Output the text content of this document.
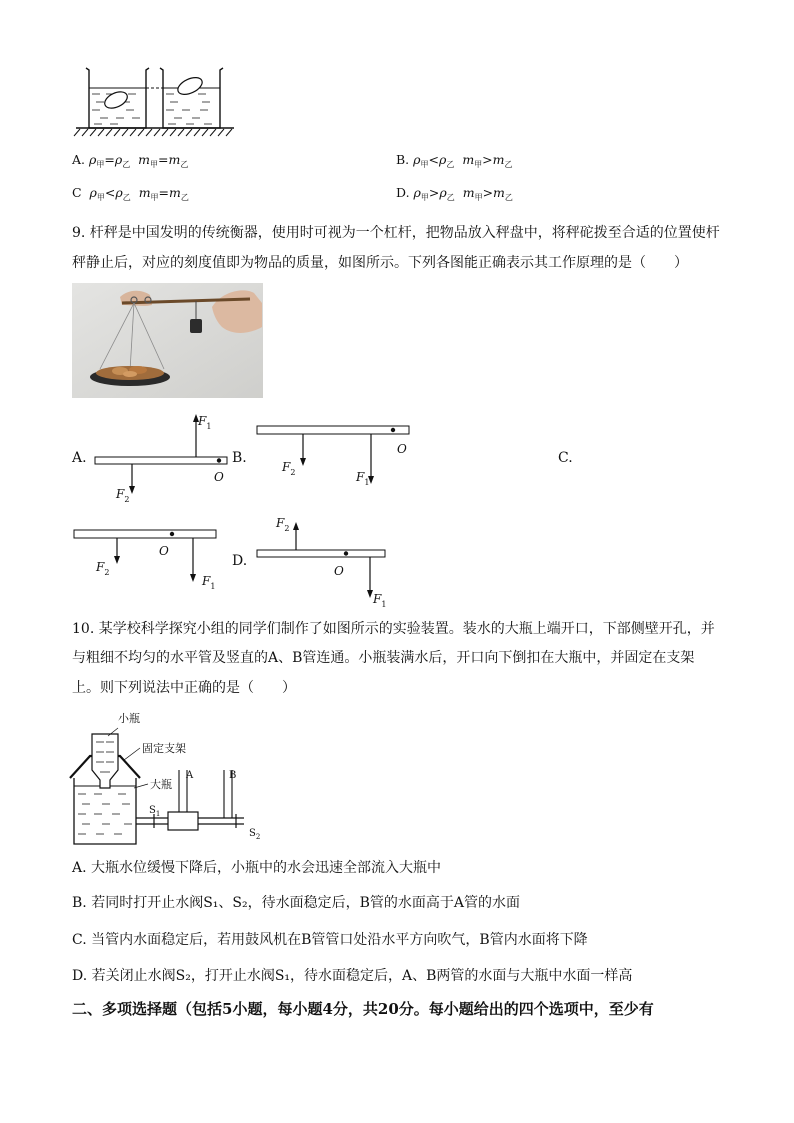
A. $\rho_甲=\rho_乙$ $m_甲=m_乙$	B. $\rho_甲<\rho_乙$ $m_甲>m_乙$
C $\rho_甲<\rho_乙$ $m_甲=m_乙$	D. $\rho_甲>\rho_乙$ $m_甲>m_乙$
9. 杆秤是中国发明的传统衡器，使用时可视为一个杠杆，把物品放入秤盘中，将秤砣拨至合适的位置使杆
秤静止后，对应的刻度值即为物品的质量，如图所示。下列各图能正确表示其工作原理的是（　　）
A.
$F_1$
$F_2$
O
B.
$F_2$	$F_1$
O
C.
$F_2$
O
$F_1$
D.
$F_2$
O
$F_1$
10. 某学校科学探究小组的同学们制作了如图所示的实验装置。装水的大瓶上端开口，下部侧壁开孔，并
与粗细不均匀的水平管及竖直的A、B管连通。小瓶装满水后，开口向下倒扣在大瓶中，并固定在支架
上。则下列说法中正确的是（　　）
小瓶
固定支架
大瓶
A	B
$S_1$
$S_2$
A. 大瓶水位缓慢下降后，小瓶中的水会迅速全部流入大瓶中
B. 若同时打开止水阀S₁、S₂，待水面稳定后，B管的水面高于A管的水面
C. 当管内水面稳定后，若用鼓风机在B管管口处沿水平方向吹气，B管内水面将下降
D. 若关闭止水阀S₂，打开止水阀S₁，待水面稳定后，A、B两管的水面与大瓶中水面一样高
二、多项选择题（包括5小题，每小题4分，共20分。每小题给出的四个选项中，至少有
